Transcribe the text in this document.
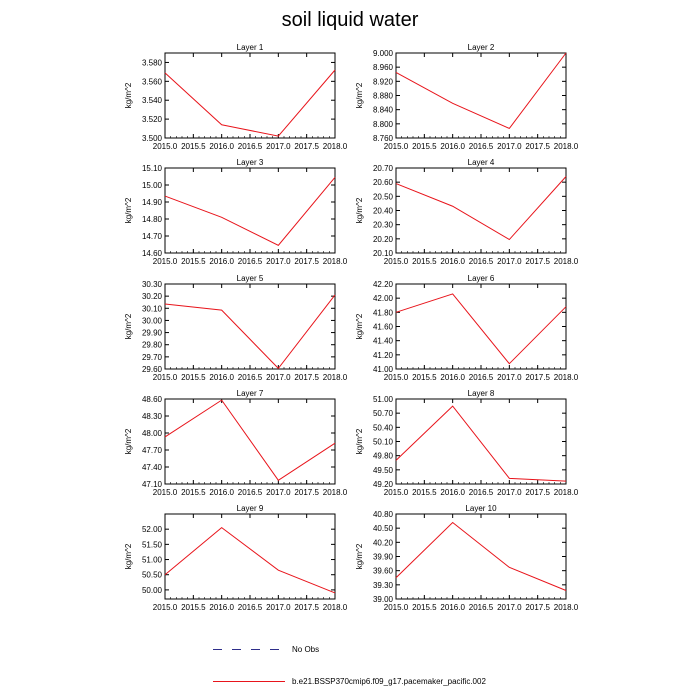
soil liquid water
Layer 1
kg/m^2
2015.0 2015.5 2016.0 2016.5 2017.0 2017.5 2018.0
3.500
3.520
3.540
3.560
3.580
Layer 2
kg/m^2
2015.0 2015.5 2016.0 2016.5 2017.0 2017.5 2018.0
8.760
8.800
8.840
8.880
8.920
8.960
9.000
Layer 3
kg/m^2
2015.0 2015.5 2016.0 2016.5 2017.0 2017.5 2018.0
14.60
14.70
14.80
14.90
15.00
15.10
Layer 4
kg/m^2
2015.0 2015.5 2016.0 2016.5 2017.0 2017.5 2018.0
20.10
20.20
20.30
20.40
20.50
20.60
20.70
Layer 5
kg/m^2
2015.0 2015.5 2016.0 2016.5 2017.0 2017.5 2018.0
29.60
29.70
29.80
29.90
30.00
30.10
30.20
30.30
Layer 6
kg/m^2
2015.0 2015.5 2016.0 2016.5 2017.0 2017.5 2018.0
41.00
41.20
41.40
41.60
41.80
42.00
42.20
Layer 7
kg/m^2
2015.0 2015.5 2016.0 2016.5 2017.0 2017.5 2018.0
47.10
47.40
47.70
48.00
48.30
48.60
Layer 8
kg/m^2
2015.0 2015.5 2016.0 2016.5 2017.0 2017.5 2018.0
49.20
49.50
49.80
50.10
50.40
50.70
51.00
Layer 9
kg/m^2
2015.0 2015.5 2016.0 2016.5 2017.0 2017.5 2018.0
50.00
50.50
51.00
51.50
52.00
Layer 10
kg/m^2
2015.0 2015.5 2016.0 2016.5 2017.0 2017.5 2018.0
39.00
39.30
39.60
39.90
40.20
40.50
40.80
No Obs
b.e21.BSSP370cmip6.f09_g17.pacemaker_pacific.002
